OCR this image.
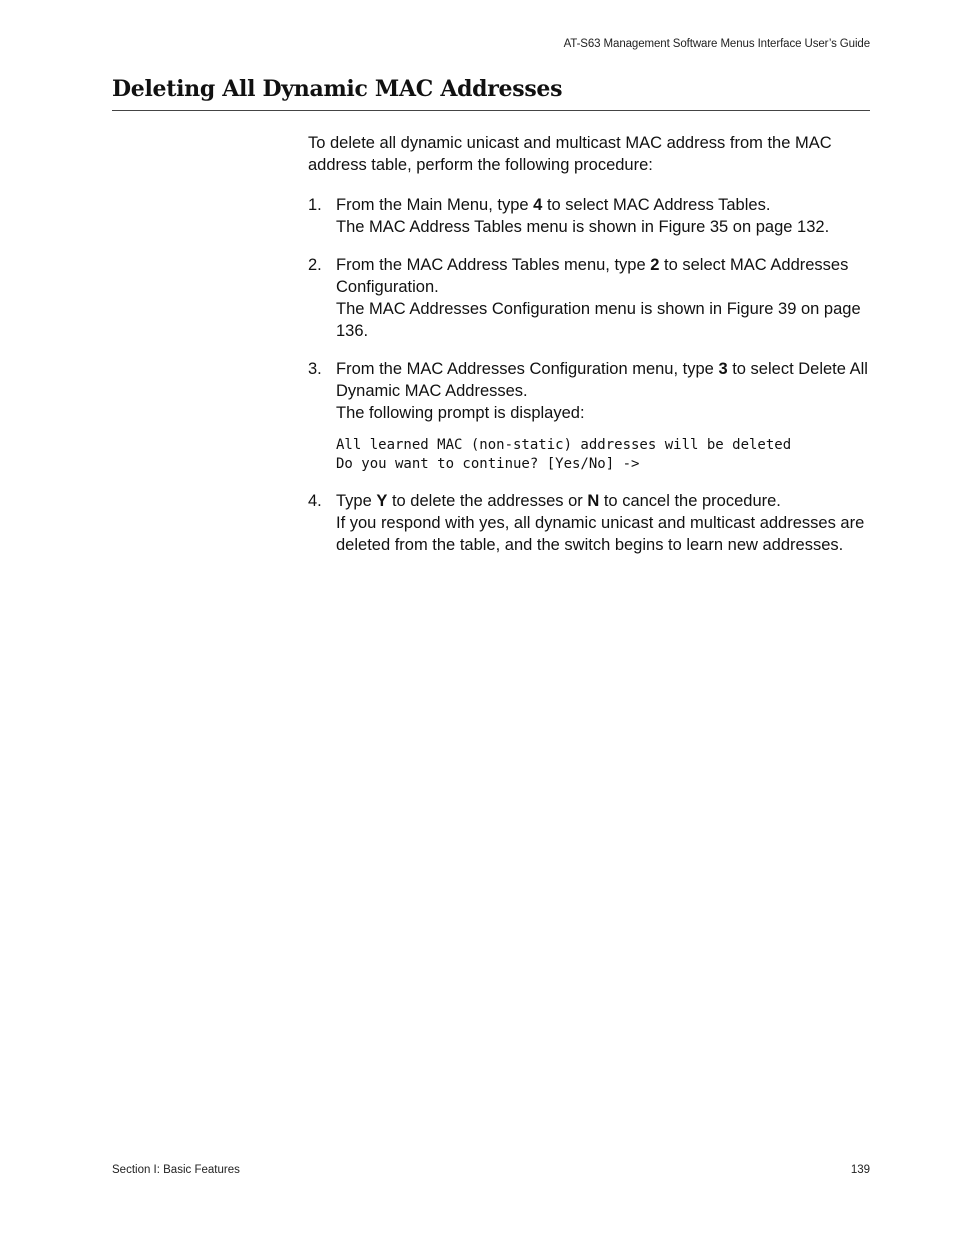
AT-S63 Management Software Menus Interface User’s Guide
Deleting All Dynamic MAC Addresses

To delete all dynamic unicast and multicast MAC address from the MAC address table, perform the following procedure:

1. From the Main Menu, type 4 to select MAC Address Tables.

The MAC Address Tables menu is shown in Figure 35 on page 132.

2. From the MAC Address Tables menu, type 2 to select MAC Addresses Configuration.

The MAC Addresses Configuration menu is shown in Figure 39 on page 136.

3. From the MAC Addresses Configuration menu, type 3 to select Delete All Dynamic MAC Addresses.

The following prompt is displayed:

All learned MAC (non-static) addresses will be deleted
Do you want to continue? [Yes/No] ->
4. Type Y to delete the addresses or N to cancel the procedure.

If you respond with yes, all dynamic unicast and multicast addresses are deleted from the table, and the switch begins to learn new addresses.

Section I: Basic Features	139
